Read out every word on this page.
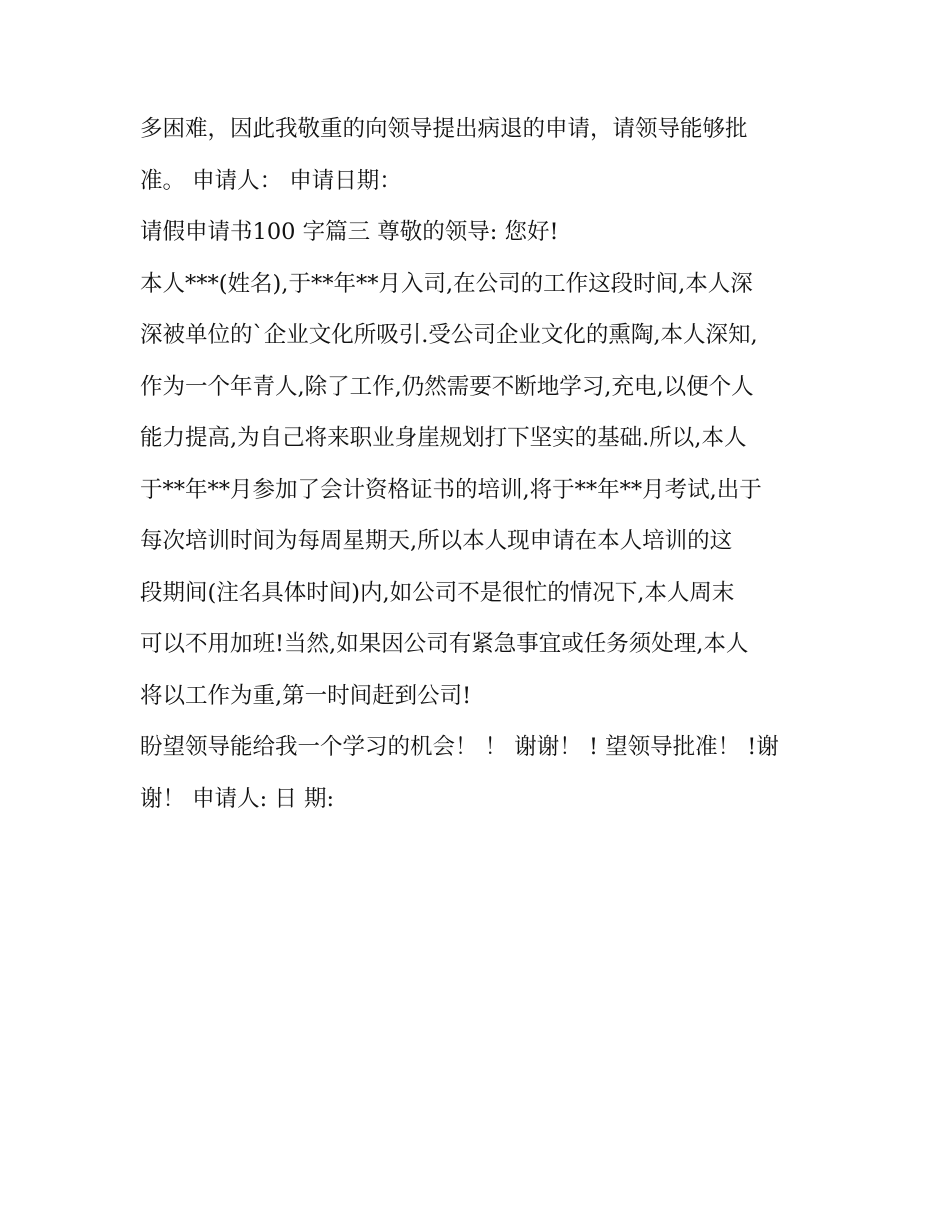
多困难，因此我敬重的向领导提出病退的申请，请领导能够批
准。 申请人： 申请日期：
请假申请书100 字篇三 尊敬的领导: 您好!
本人***(姓名),于**年**月入司,在公司的工作这段时间,本人深
深被单位的`企业文化所吸引.受公司企业文化的熏陶,本人深知,
作为一个年青人,除了工作,仍然需要不断地学习,充电,以便个人
能力提高,为自己将来职业身崖规划打下坚实的基础.所以,本人
于**年**月参加了会计资格证书的培训,将于**年**月考试,出于
每次培训时间为每周星期天,所以本人现申请在本人培训的这
段期间(注名具体时间)内,如公司不是很忙的情况下,本人周末
可以不用加班!当然,如果因公司有紧急事宜或任务须处理,本人
将以工作为重,第一时间赶到公司!
盼望领导能给我一个学习的机会！ ！ 谢谢！ ! 望领导批准！ !谢
谢！ 申请人: 日 期:
